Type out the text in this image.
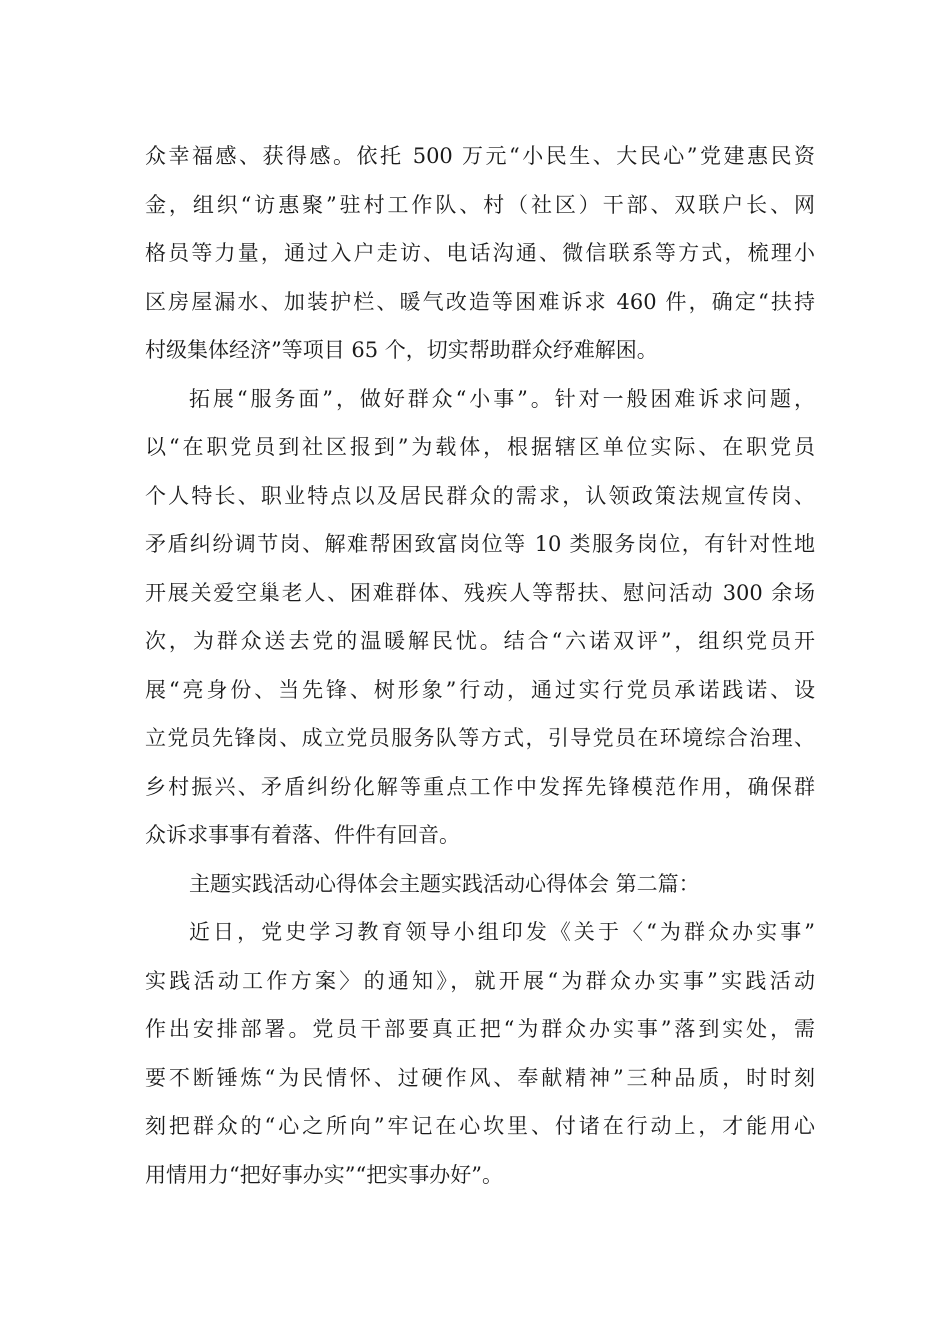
众幸福感、获得感。依托 500 万元“小民生、大民心”党建惠民资
金，组织“访惠聚”驻村工作队、村（社区）干部、双联户长、网
格员等力量，通过入户走访、电话沟通、微信联系等方式，梳理小
区房屋漏水、加装护栏、暖气改造等困难诉求 460 件，确定“扶持
村级集体经济”等项目 65 个，切实帮助群众纾难解困。
拓展“服务面”，做好群众“小事”。针对一般困难诉求问题，
以“在职党员到社区报到”为载体，根据辖区单位实际、在职党员
个人特长、职业特点以及居民群众的需求，认领政策法规宣传岗、
矛盾纠纷调节岗、解难帮困致富岗位等 10 类服务岗位，有针对性地
开展关爱空巢老人、困难群体、残疾人等帮扶、慰问活动 300 余场
次，为群众送去党的温暖解民忧。结合“六诺双评”，组织党员开
展“亮身份、当先锋、树形象”行动，通过实行党员承诺践诺、设
立党员先锋岗、成立党员服务队等方式，引导党员在环境综合治理、
乡村振兴、矛盾纠纷化解等重点工作中发挥先锋模范作用，确保群
众诉求事事有着落、件件有回音。
主题实践活动心得体会主题实践活动心得体会 第二篇：
近日，党史学习教育领导小组印发《关于〈“为群众办实事”
实践活动工作方案〉的通知》，就开展“为群众办实事”实践活动
作出安排部署。党员干部要真正把“为群众办实事”落到实处，需
要不断锤炼“为民情怀、过硬作风、奉献精神”三种品质，时时刻
刻把群众的“心之所向”牢记在心坎里、付诸在行动上，才能用心
用情用力“把好事办实”“把实事办好”。
